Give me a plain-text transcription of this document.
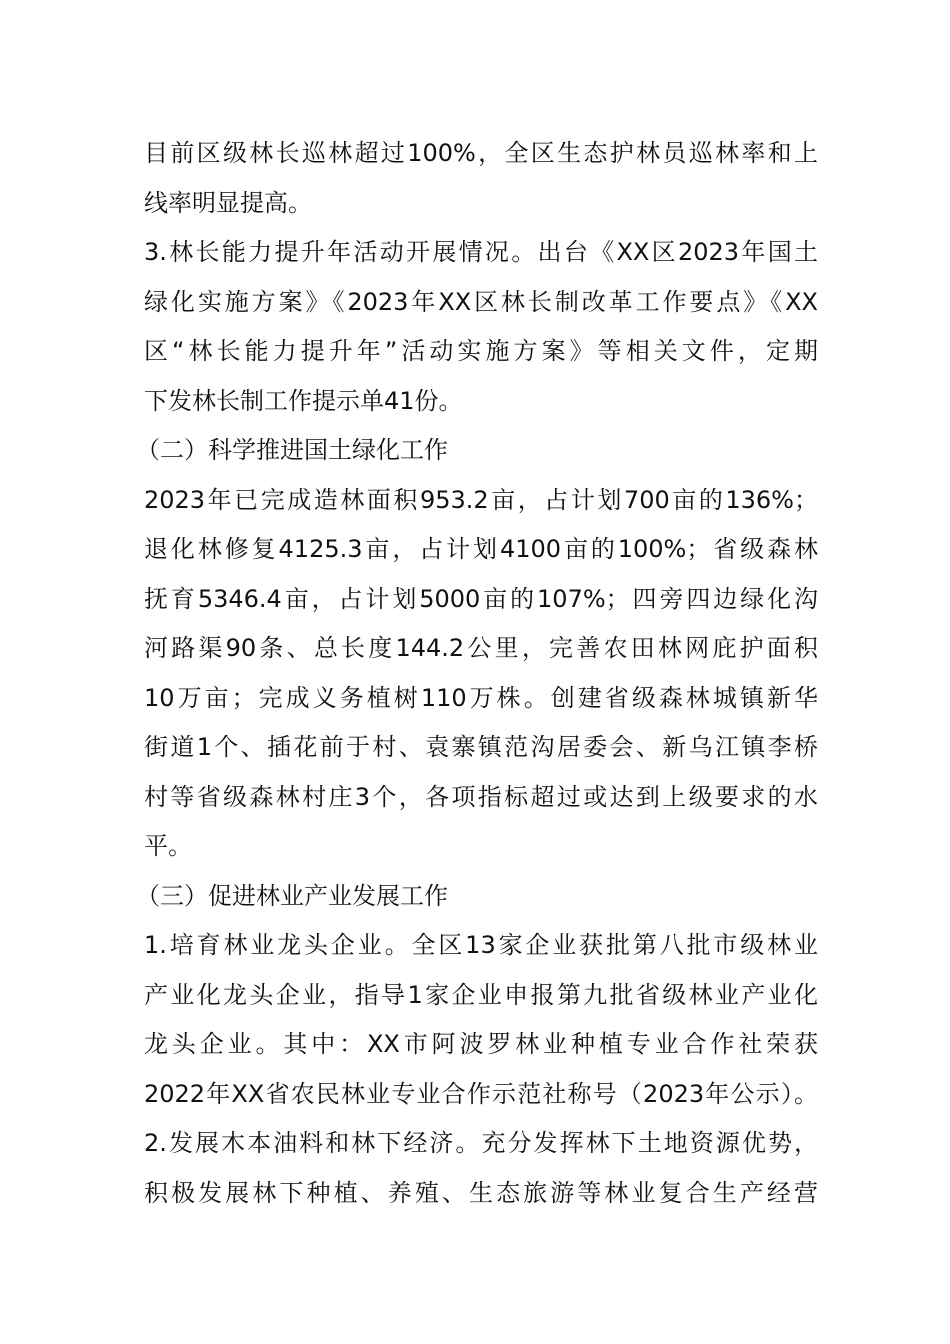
目前区级林长巡林超过100%，全区生态护林员巡林率和上
线率明显提高。
3.林长能力提升年活动开展情况。出台《XX区2023年国土
绿化实施方案》《2023年XX区林长制改革工作要点》《XX
区“林长能力提升年”活动实施方案》等相关文件，定期
下发林长制工作提示单41份。
（二）科学推进国土绿化工作
2023年已完成造林面积953.2亩，占计划700亩的136%；
退化林修复4125.3亩，占计划4100亩的100%；省级森林
抚育5346.4亩，占计划5000亩的107%；四旁四边绿化沟
河路渠90条、总长度144.2公里，完善农田林网庇护面积
10万亩；完成义务植树110万株。创建省级森林城镇新华
街道1个、插花前于村、袁寨镇范沟居委会、新乌江镇李桥
村等省级森林村庄3个，各项指标超过或达到上级要求的水
平。
（三）促进林业产业发展工作
1.培育林业龙头企业。全区13家企业获批第八批市级林业
产业化龙头企业，指导1家企业申报第九批省级林业产业化
龙头企业。其中：XX市阿波罗林业种植专业合作社荣获
2022年XX省农民林业专业合作示范社称号（2023年公示）。
2.发展木本油料和林下经济。充分发挥林下土地资源优势，
积极发展林下种植、养殖、生态旅游等林业复合生产经营
